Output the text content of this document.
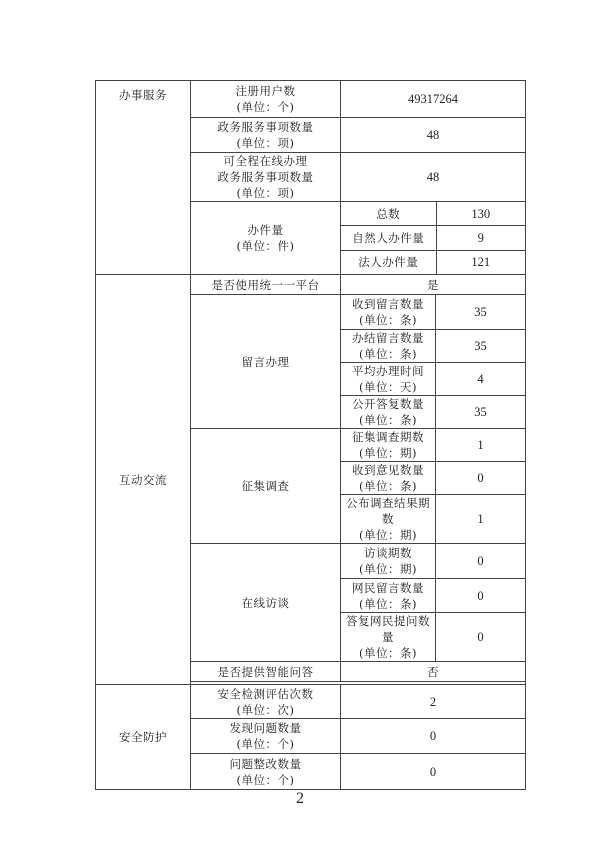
办事服务	注册用户数
(单位：个)	49317264
政务服务事项数量
(单位：项)	48
可全程在线办理
政务服务事项数量
(单位：项)	48
办件量
(单位：件)	
总数	130
自然人办件量	9
法人办件量	121

互动交流	是否使用统一一平台	是
留言办理	收到留言数量
(单位：条)	35
办结留言数量
(单位：条)	35
平均办理时间
(单位：天)	4
公开答复数量
(单位：条)	35
征集调查	征集调查期数
(单位：期)	1
收到意见数量
(单位：条)	0
公布调查结果期数
(单位：期)	1
在线访谈	访谈期数
(单位：期)	0
网民留言数量
(单位：条)	0
答复网民提问数量
(单位：条)	0
是否提供智能问答	否

安全防护	安全检测评估次数
(单位：次)	2
发现问题数量
(单位：个)	0
问题整改数量
(单位：个)	0
2
